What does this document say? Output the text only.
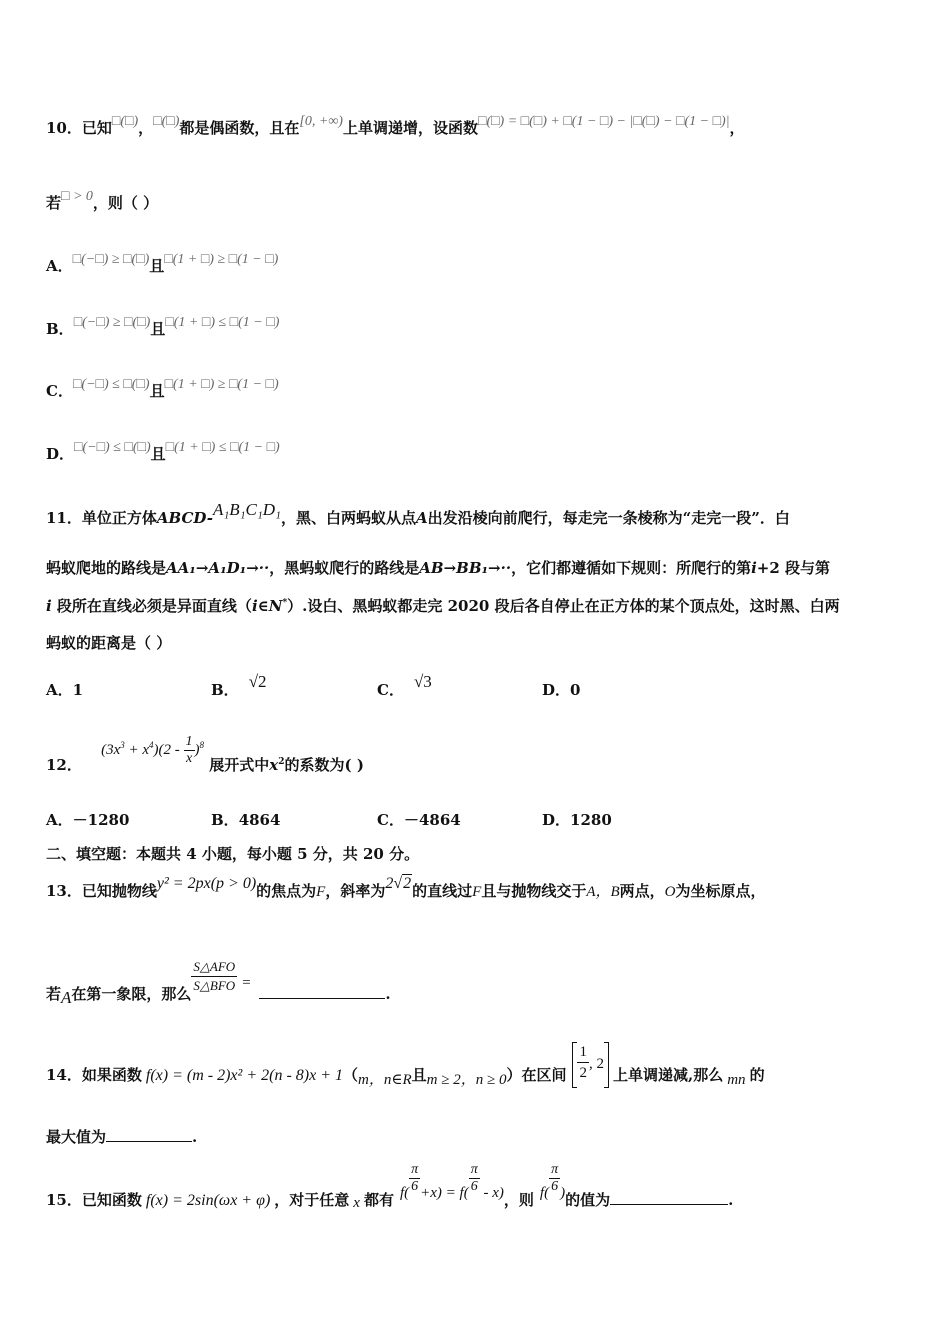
10．已知□(□)，□(□)都是偶函数，且在[0, +∞)上单调递增，设函数□(□) = □(□) + □(1 − □) − |□(□) − □(1 − □)|，
若□ > 0，则（ ）
A．□(−□) ≥ □(□)且□(1 + □) ≥ □(1 − □)
B．□(−□) ≥ □(□)且□(1 + □) ≤ □(1 − □)
C．□(−□) ≤ □(□)且□(1 + □) ≥ □(1 − □)
D．□(−□) ≤ □(□)且□(1 + □) ≤ □(1 − □)
11．单位正方体ABCD-A₁B₁C₁D₁，黑、白两蚂蚁从点A出发沿棱向前爬行，每走完一条棱称为“走完一段”．白
蚂蚁爬地的路线是AA₁→A₁D₁→··，黑蚂蚁爬行的路线是AB→BB₁→··，它们都遵循如下规则：所爬行的第i+2 段与第
i 段所在直线必须是异面直线（i∈N*）.设白、黑蚂蚁都走完 2020 段后各自停止在正方体的某个顶点处，这时黑、白两
蚂蚁的距离是（ ）
A．1	B． √2	C． √3	D．0
12． $(3x^3 + x^4)(2 - \frac{1}{x} )^8$ 展开式中$x^2$的系数为( )
A．－1280	B．4864	C．－4864	D．1280
二、填空题：本题共 4 小题，每小题 5 分，共 20 分。
13．已知抛物线y² = 2px(p > 0)的焦点为F，斜率为2√2的直线过F且与抛物线交于A，B两点，O为坐标原点，
若A在第一象限，那么 $\frac{\text{S△AFO}}{\text{S△BFO}}$ =.
14．如果函数 f(x) = (m - 2)x² + 2(n - 8)x + 1（m，n∈R且m ≥ 2，n ≥ 0）在区间 $\frac{1}{2}$ , 2上单调递减,那么 mn 的
最大值为	.
15．已知函数 f(x) = 2sin(ωx + φ) ，对于任意 x 都有 $f( \frac{\pi}{6} +x) = f( \frac{\pi}{6} - x)$，则 $f( \frac{\pi}{6}$ )的值为	.
